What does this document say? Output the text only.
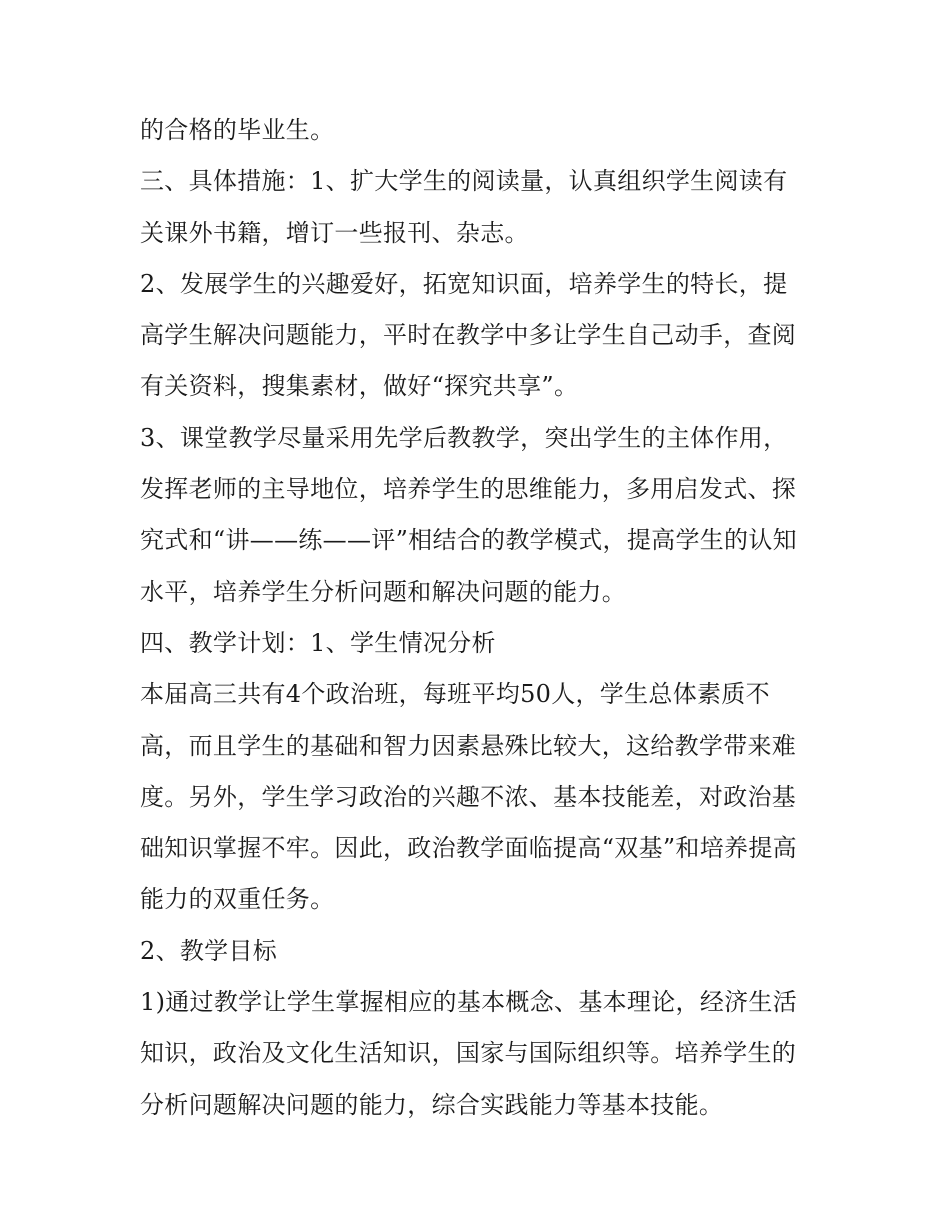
的合格的毕业生。
三、具体措施：1、扩大学生的阅读量，认真组织学生阅读有
关课外书籍，增订一些报刊、杂志。
2、发展学生的兴趣爱好，拓宽知识面，培养学生的特长，提
高学生解决问题能力，平时在教学中多让学生自己动手，查阅
有关资料，搜集素材，做好“探究共享”。
3、课堂教学尽量采用先学后教教学，突出学生的主体作用，
发挥老师的主导地位，培养学生的思维能力，多用启发式、探
究式和“讲——练——评”相结合的教学模式，提高学生的认知
水平，培养学生分析问题和解决问题的能力。
四、教学计划：1、学生情况分析
本届高三共有4个政治班，每班平均50人，学生总体素质不
高，而且学生的基础和智力因素悬殊比较大，这给教学带来难
度。另外，学生学习政治的兴趣不浓、基本技能差，对政治基
础知识掌握不牢。因此，政治教学面临提高“双基”和培养提高
能力的双重任务。
2、教学目标
1)通过教学让学生掌握相应的基本概念、基本理论，经济生活
知识，政治及文化生活知识，国家与国际组织等。培养学生的
分析问题解决问题的能力，综合实践能力等基本技能。
